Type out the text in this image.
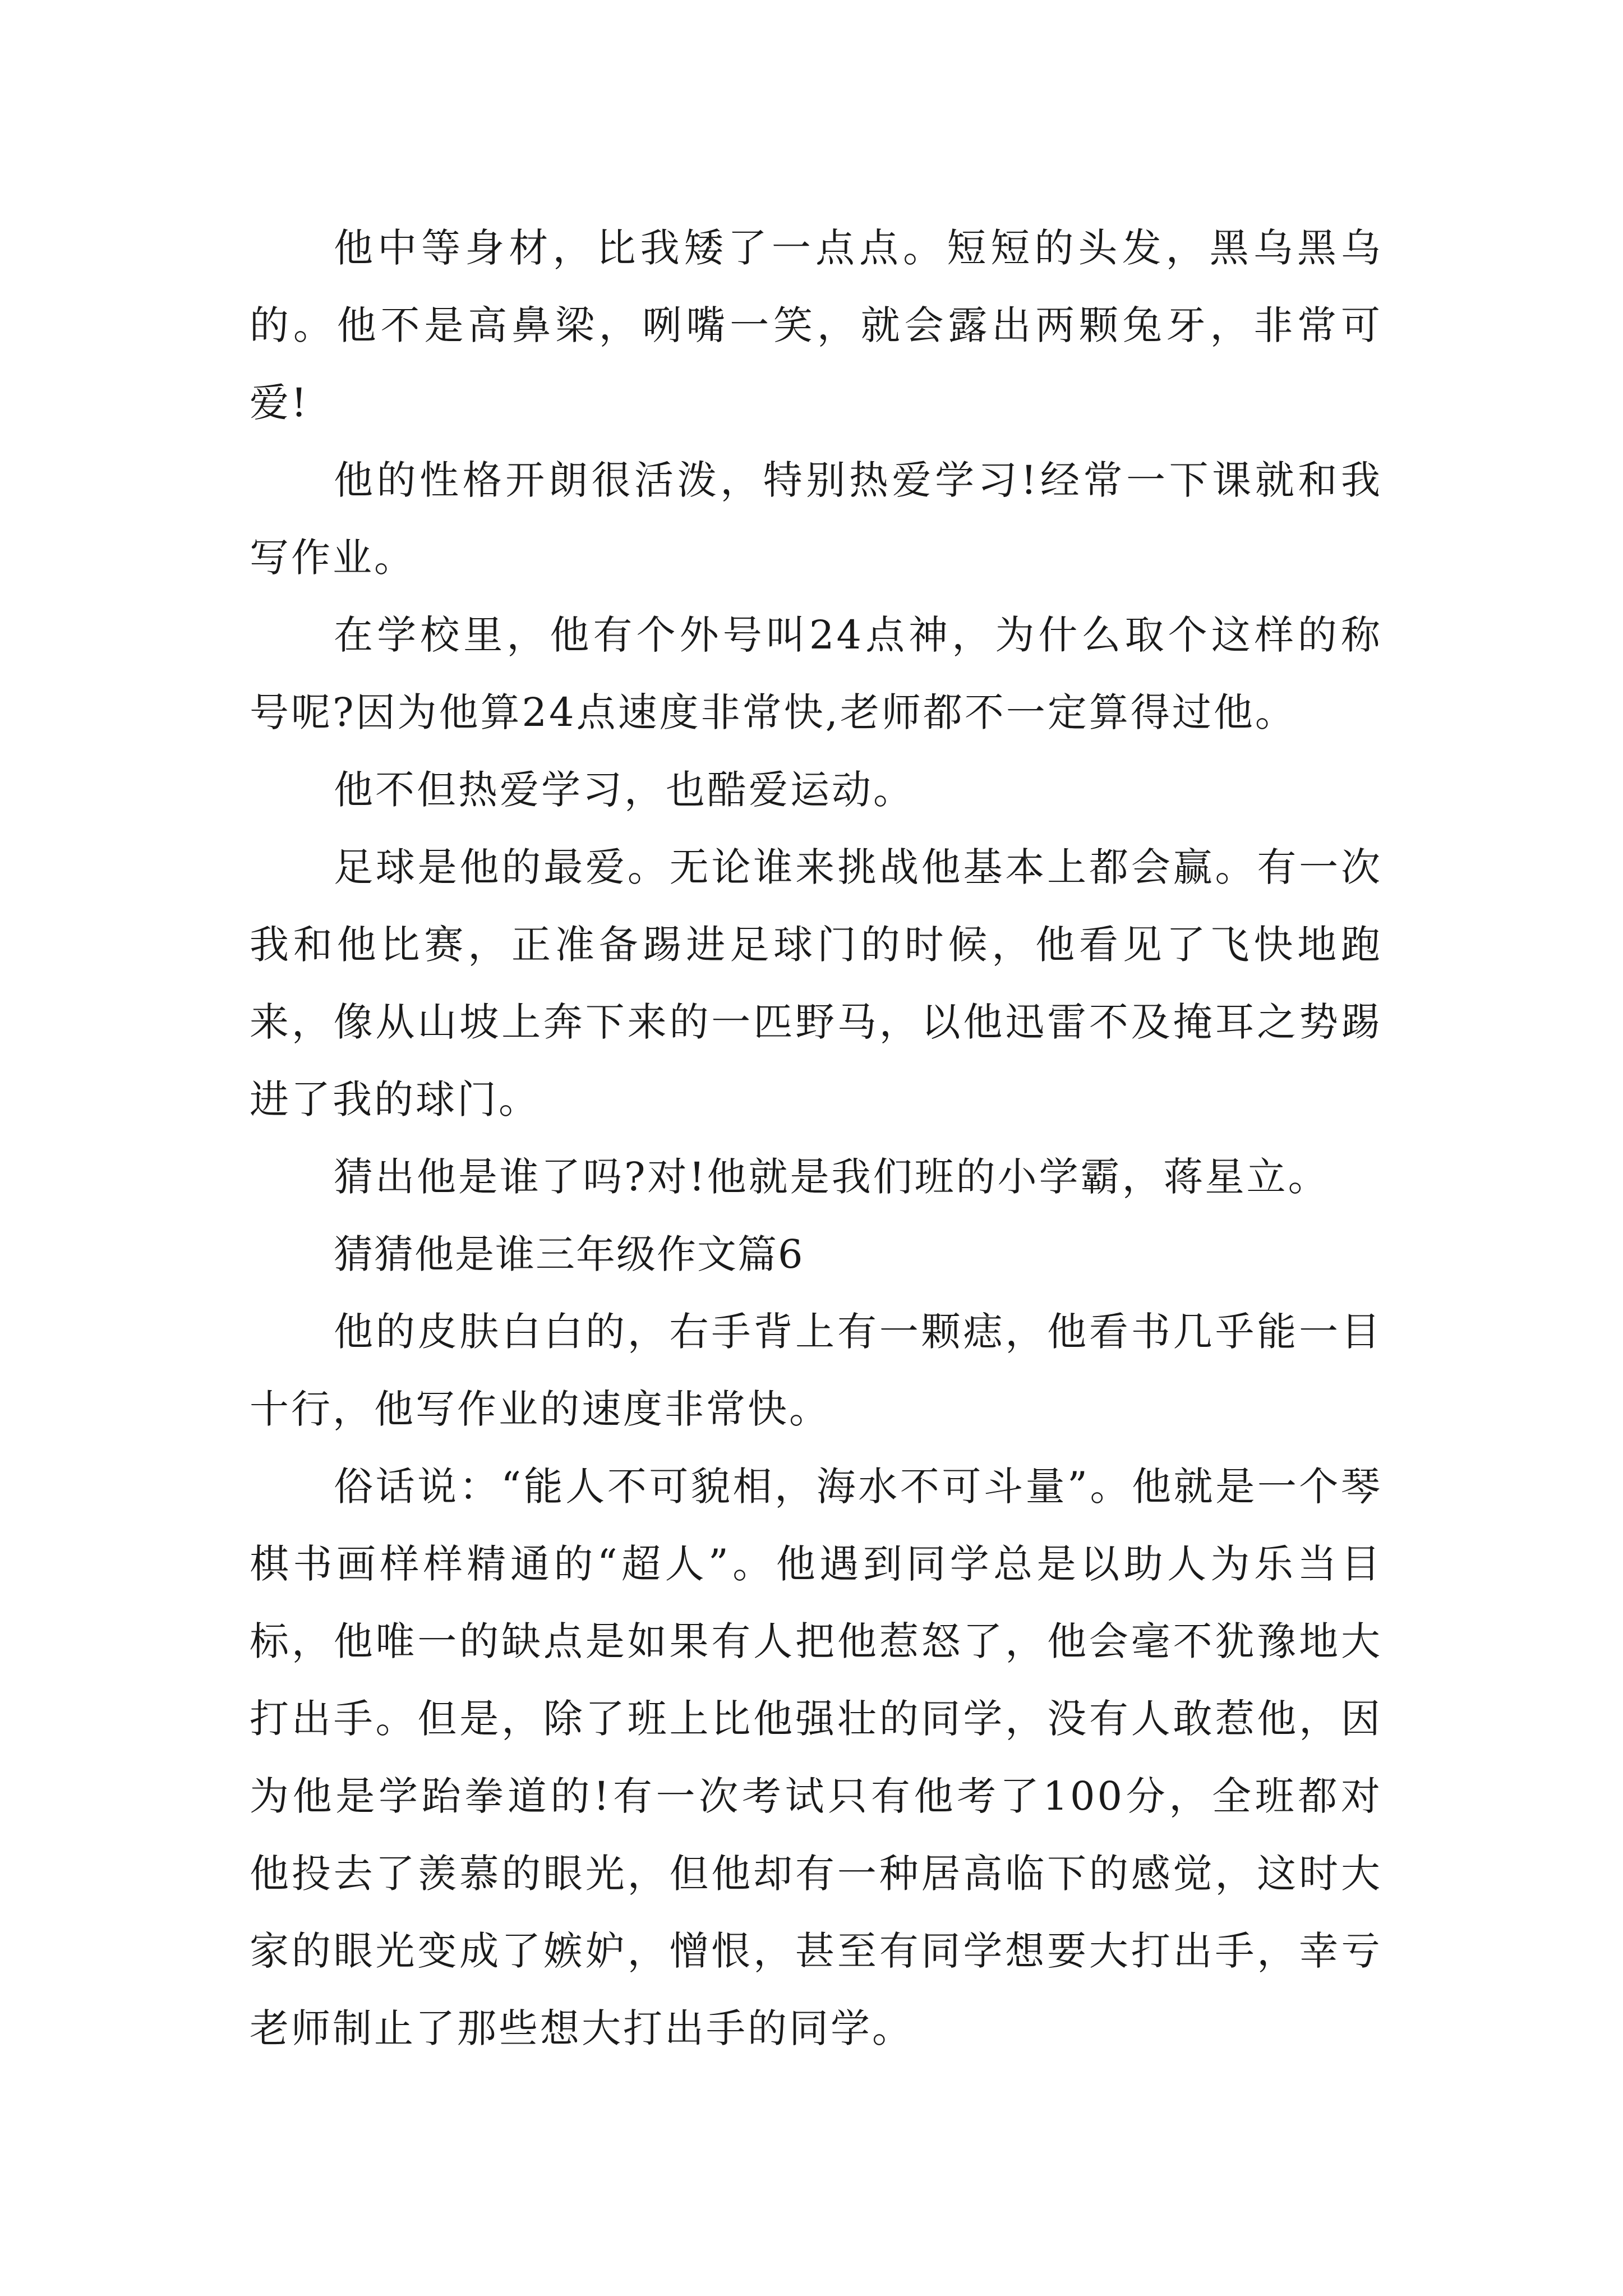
他中等身材，比我矮了一点点。短短的头发，黑乌黑乌的。他不是高鼻梁，咧嘴一笑，就会露出两颗兔牙，非常可爱!

他的性格开朗很活泼，特别热爱学习!经常一下课就和我写作业。

在学校里，他有个外号叫24点神，为什么取个这样的称号呢?因为他算24点速度非常快,老师都不一定算得过他。

他不但热爱学习，也酷爱运动。

足球是他的最爱。无论谁来挑战他基本上都会赢。有一次我和他比赛，正准备踢进足球门的时候，他看见了飞快地跑来，像从山坡上奔下来的一匹野马，以他迅雷不及掩耳之势踢进了我的球门。

猜出他是谁了吗?对!他就是我们班的小学霸，蒋星立。

猜猜他是谁三年级作文篇6

他的皮肤白白的，右手背上有一颗痣，他看书几乎能一目十行，他写作业的速度非常快。

俗话说：“能人不可貌相，海水不可斗量”。他就是一个琴棋书画样样精通的“超人”。他遇到同学总是以助人为乐当目标，他唯一的缺点是如果有人把他惹怒了，他会毫不犹豫地大打出手。但是，除了班上比他强壮的同学，没有人敢惹他，因为他是学跆拳道的!有一次考试只有他考了100分，全班都对他投去了羡慕的眼光，但他却有一种居高临下的感觉，这时大家的眼光变成了嫉妒，憎恨，甚至有同学想要大打出手，幸亏老师制止了那些想大打出手的同学。
